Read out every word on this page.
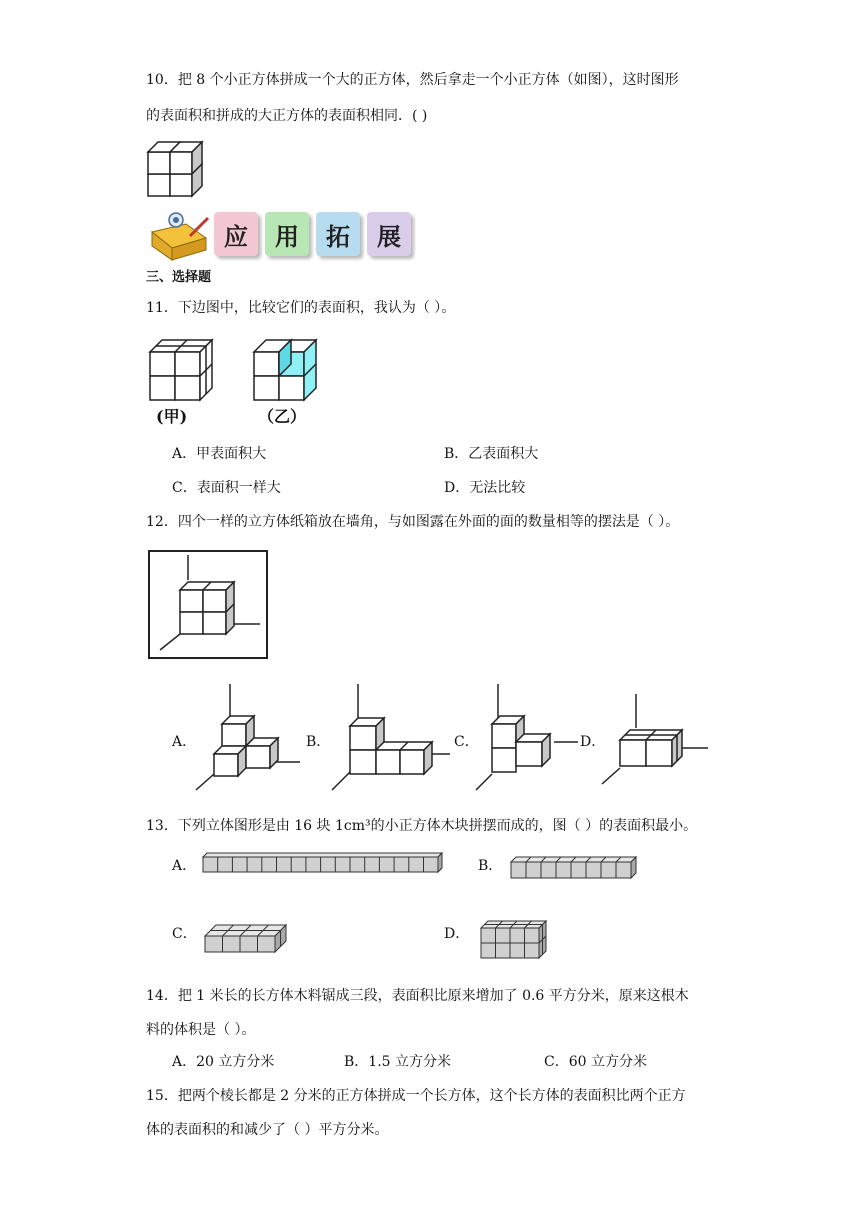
10．把 8 个小正方体拼成一个大的正方体，然后拿走一个小正方体（如图），这时图形
的表面积和拼成的大正方体的表面积相同．( )
应	用	拓	展
三、选择题
11．下边图中，比较它们的表面积，我认为（ ）。
(甲)	（乙）
A．甲表面积大	B．乙表面积大
C．表面积一样大	D．无法比较
12．四个一样的立方体纸箱放在墙角，与如图露在外面的面的数量相等的摆法是（ ）。
A．	B．	C．	D．
13．下列立体图形是由 16 块 1cm³的小正方体木块拼摆而成的，图（ ）的表面积最小。
A．	B．
C．	D．
14．把 1 米长的长方体木料锯成三段，表面积比原来增加了 0.6 平方分米，原来这根木
料的体积是（ ）。
A．20 立方分米	B．1.5 立方分米	C．60 立方分米
15．把两个棱长都是 2 分米的正方体拼成一个长方体，这个长方体的表面积比两个正方
体的表面积的和减少了（ ）平方分米。
